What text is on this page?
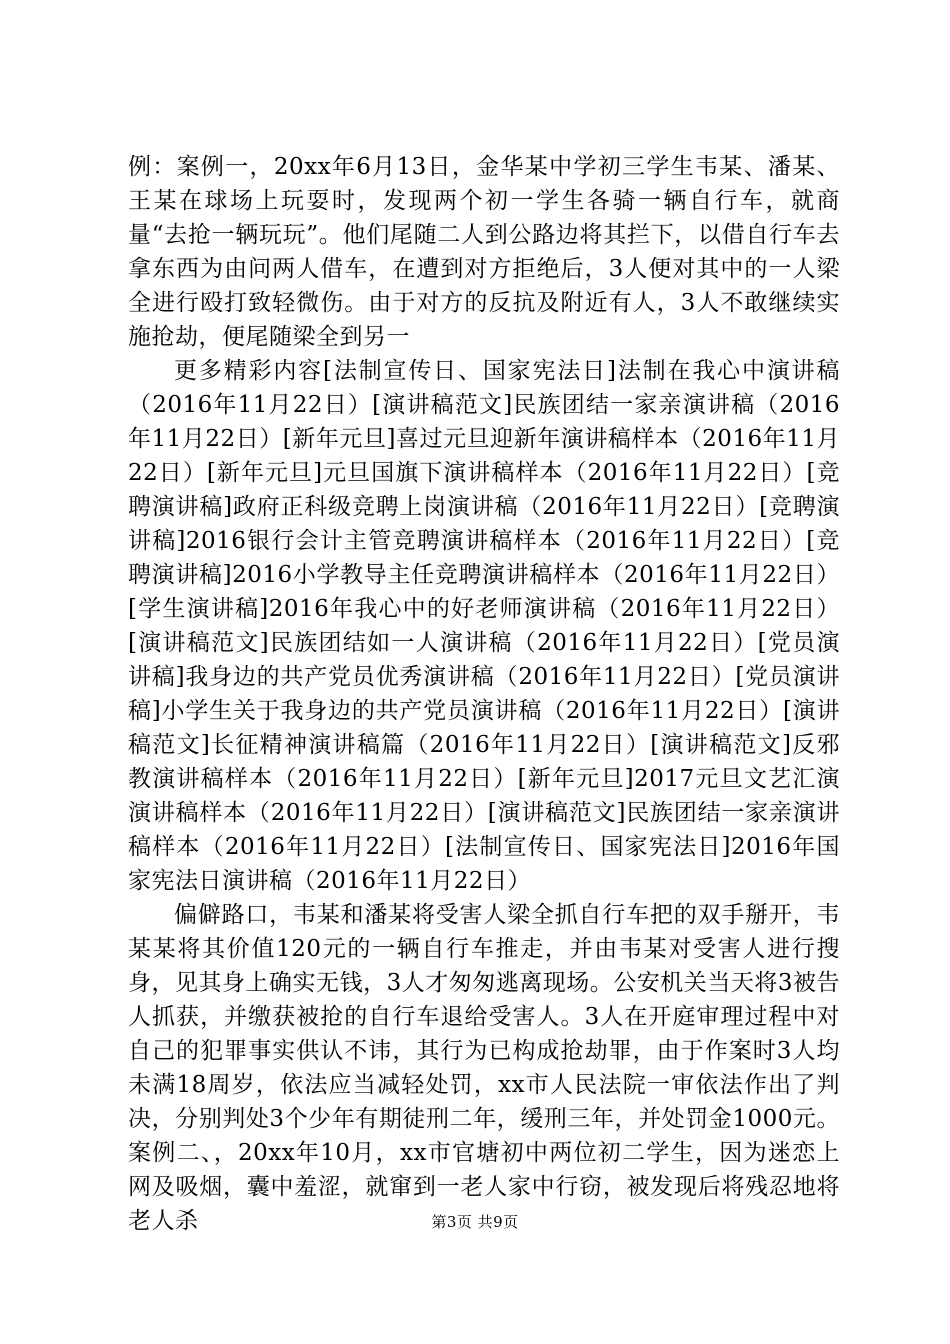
例：案例一，20xx年6月13日，金华某中学初三学生韦某、潘某、王某在球场上玩耍时，发现两个初一学生各骑一辆自行车，就商量“去抢一辆玩玩”。他们尾随二人到公路边将其拦下，以借自行车去拿东西为由问两人借车，在遭到对方拒绝后，3人便对其中的一人梁全进行殴打致轻微伤。由于对方的反抗及附近有人，3人不敢继续实施抢劫，便尾随梁全到另一

更多精彩内容[法制宣传日、国家宪法日]法制在我心中演讲稿（2016年11月22日）[演讲稿范文]民族团结一家亲演讲稿（2016年11月22日）[新年元旦]喜过元旦迎新年演讲稿样本（2016年11月22日）[新年元旦]元旦国旗下演讲稿样本（2016年11月22日）[竞聘演讲稿]政府正科级竞聘上岗演讲稿（2016年11月22日）[竞聘演讲稿]2016银行会计主管竞聘演讲稿样本（2016年11月22日）[竞聘演讲稿]2016小学教导主任竞聘演讲稿样本（2016年11月22日）[学生演讲稿]2016年我心中的好老师演讲稿（2016年11月22日）[演讲稿范文]民族团结如一人演讲稿（2016年11月22日）[党员演讲稿]我身边的共产党员优秀演讲稿（2016年11月22日）[党员演讲稿]小学生关于我身边的共产党员演讲稿（2016年11月22日）[演讲稿范文]长征精神演讲稿篇（2016年11月22日）[演讲稿范文]反邪教演讲稿样本（2016年11月22日）[新年元旦]2017元旦文艺汇演演讲稿样本（2016年11月22日）[演讲稿范文]民族团结一家亲演讲稿样本（2016年11月22日）[法制宣传日、国家宪法日]2016年国家宪法日演讲稿（2016年11月22日）

偏僻路口，韦某和潘某将受害人梁全抓自行车把的双手掰开，韦某某将其价值120元的一辆自行车推走，并由韦某对受害人进行搜身，见其身上确实无钱，3人才匆匆逃离现场。公安机关当天将3被告人抓获，并缴获被抢的自行车退给受害人。3人在开庭审理过程中对自己的犯罪事实供认不讳，其行为已构成抢劫罪，由于作案时3人均未满18周岁，依法应当减轻处罚，xx市人民法院一审依法作出了判决，分别判处3个少年有期徒刑二年，缓刑三年，并处罚金1000元。案例二、，20xx年10月，xx市官塘初中两位初二学生，因为迷恋上网及吸烟，囊中羞涩，就窜到一老人家中行窃，被发现后将残忍地将老人杀	第3页 共9页
